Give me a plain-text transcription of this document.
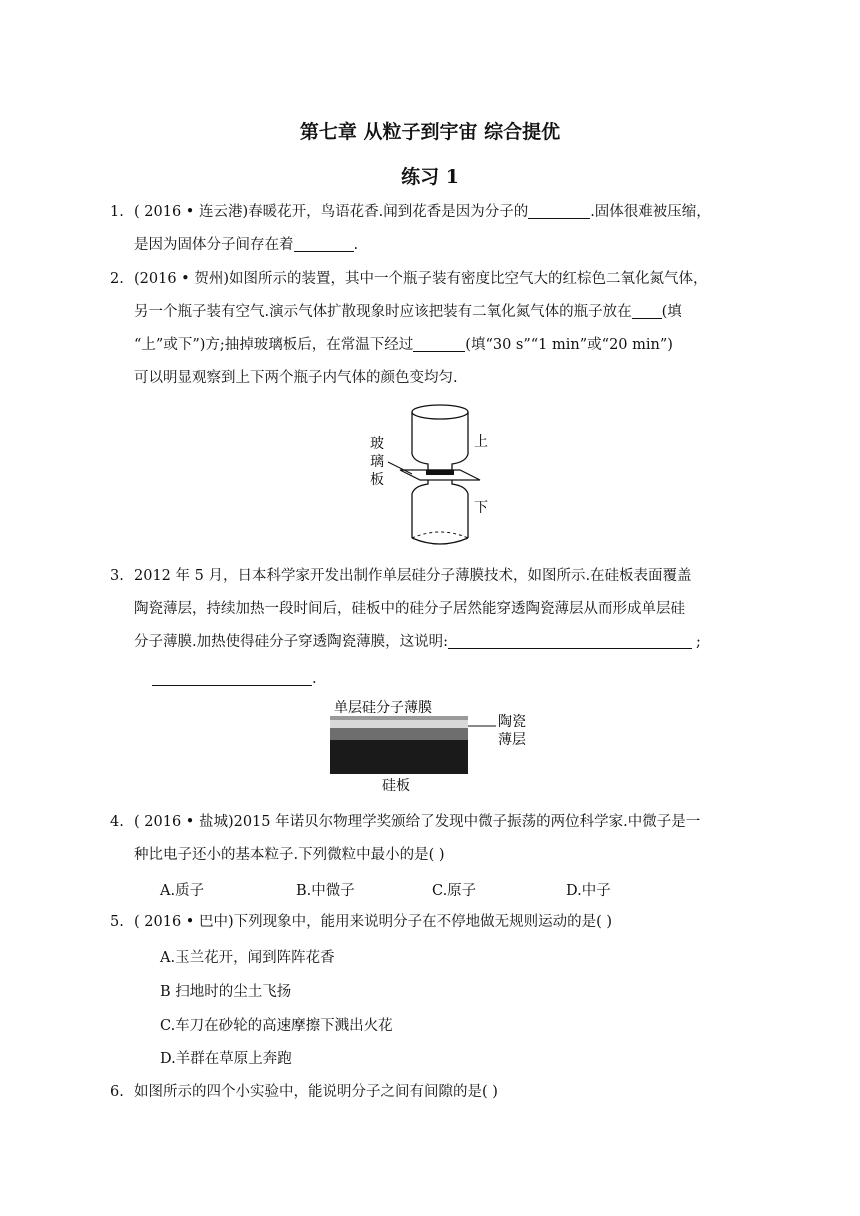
第七章 从粒子到宇宙 综合提优
练习 1
1. ( 2016 • 连云港)春暖花开，鸟语花香.闻到花香是因为分子的	.固体很难被压缩，
是因为固体分子间存在着	.
2. (2016 • 贺州)如图所示的装置，其中一个瓶子装有密度比空气大的红棕色二氧化氮气体，
另一个瓶子装有空气.演示气体扩散现象时应该把装有二氧化氮气体的瓶子放在 (填
“上”或下”)方;抽掉玻璃板后，在常温下经过	(填“30 s”“1 min”或“20 min”)
可以明显观察到上下两个瓶子内气体的颜色变均匀.
玻
璃
板
上
下
3. 2012 年 5 月，日本科学家开发出制作单层硅分子薄膜技术，如图所示.在硅板表面覆盖
陶瓷薄层，持续加热一段时间后，硅板中的硅分子居然能穿透陶瓷薄层从而形成单层硅
分子薄膜.加热使得硅分子穿透陶瓷薄膜，这说明:	;
.
单层硅分子薄膜
陶瓷
薄层
硅板
4. ( 2016 • 盐城)2015 年诺贝尔物理学奖颁给了发现中微子振荡的两位科学家.中微子是一
种比电子还小的基本粒子.下列微粒中最小的是( )
A.质子	B.中微子	C.原子	D.中子
5. ( 2016 • 巴中)下列现象中，能用来说明分子在不停地做无规则运动的是( )
A.玉兰花开，闻到阵阵花香
B 扫地时的尘土飞扬
C.车刀在砂轮的高速摩擦下溅出火花
D.羊群在草原上奔跑
6. 如图所示的四个小实验中，能说明分子之间有间隙的是( )
